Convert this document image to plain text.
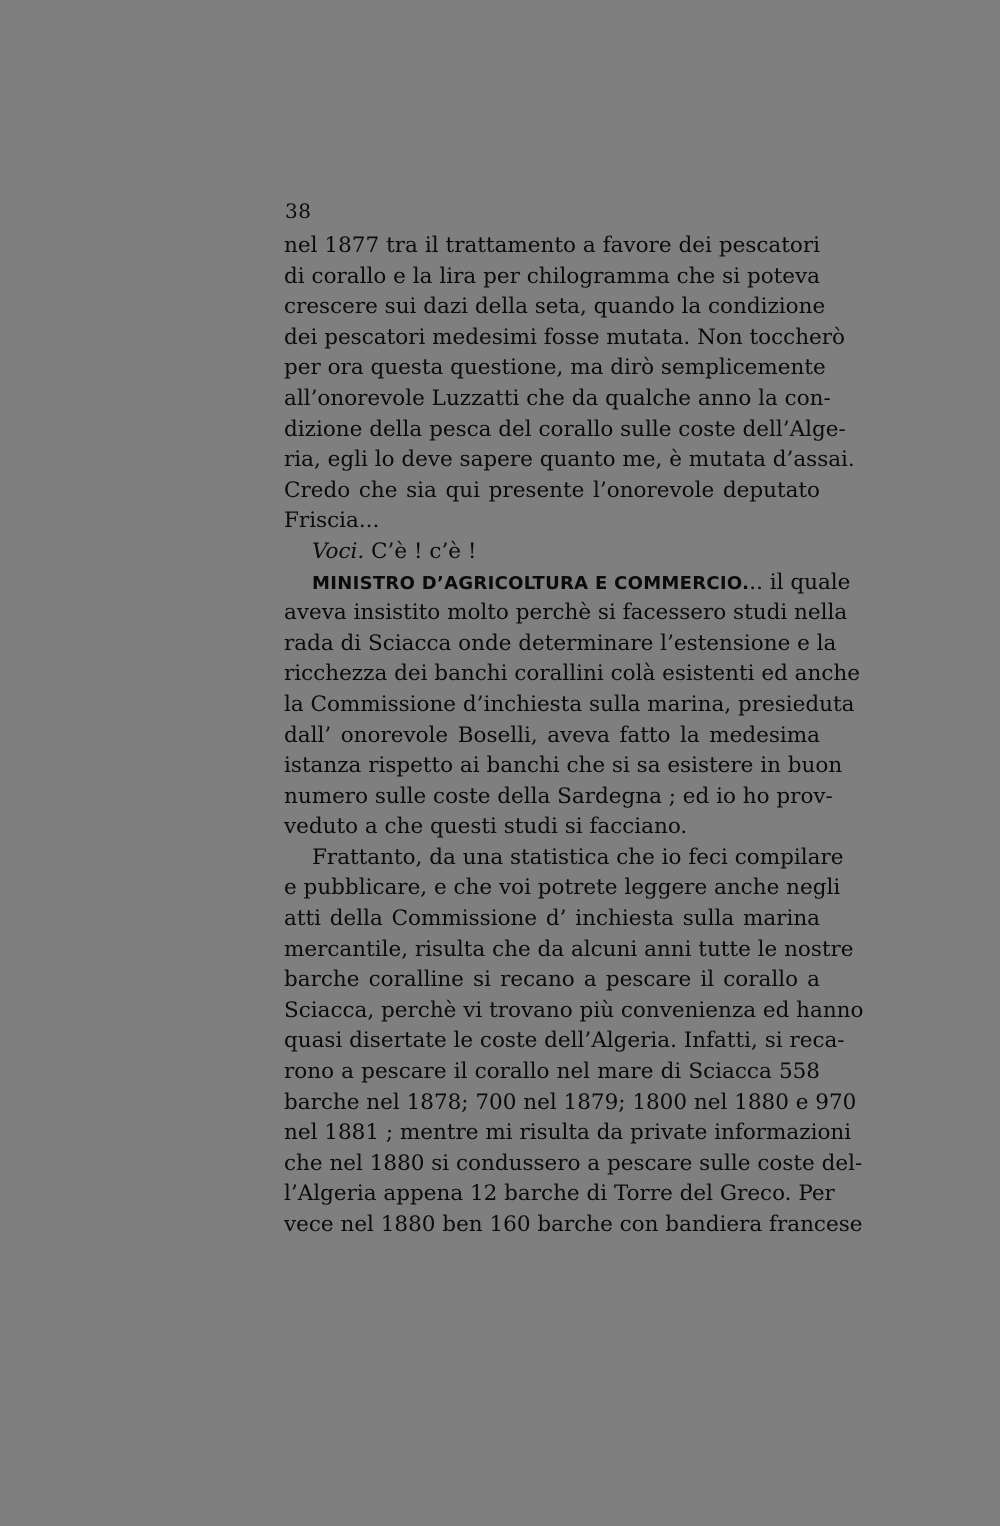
38
nel 1877 tra il trattamento a favore dei pescatori
di corallo e la lira per chilogramma che si poteva
crescere sui dazi della seta, quando la condizione
dei pescatori medesimi fosse mutata. Non toccherò
per ora questa questione, ma dirò semplicemente
all’onorevole Luzzatti che da qualche anno la con-
dizione della pesca del corallo sulle coste dell’Alge-
ria, egli lo deve sapere quanto me, è mutata d’assai.
Credo che sia qui presente l’onorevole deputato
Friscia...
Voci. C’è ! c’è !
MINISTRO D’AGRICOLTURA E COMMERCIO... il quale
aveva insistito molto perchè si facessero studi nella
rada di Sciacca onde determinare l’estensione e la
ricchezza dei banchi corallini colà esistenti ed anche
la Commissione d’inchiesta sulla marina, presieduta
dall’ onorevole Boselli, aveva fatto la medesima
istanza rispetto ai banchi che si sa esistere in buon
numero sulle coste della Sardegna ; ed io ho prov-
veduto a che questi studi si facciano.
Frattanto, da una statistica che io feci compilare
e pubblicare, e che voi potrete leggere anche negli
atti della Commissione d’ inchiesta sulla marina
mercantile, risulta che da alcuni anni tutte le nostre
barche coralline si recano a pescare il corallo a
Sciacca, perchè vi trovano più convenienza ed hanno
quasi disertate le coste dell’Algeria. Infatti, si reca-
rono a pescare il corallo nel mare di Sciacca 558
barche nel 1878; 700 nel 1879; 1800 nel 1880 e 970
nel 1881 ; mentre mi risulta da private informazioni
che nel 1880 si condussero a pescare sulle coste del-
l’Algeria appena 12 barche di Torre del Greco. Per
vece nel 1880 ben 160 barche con bandiera francese
